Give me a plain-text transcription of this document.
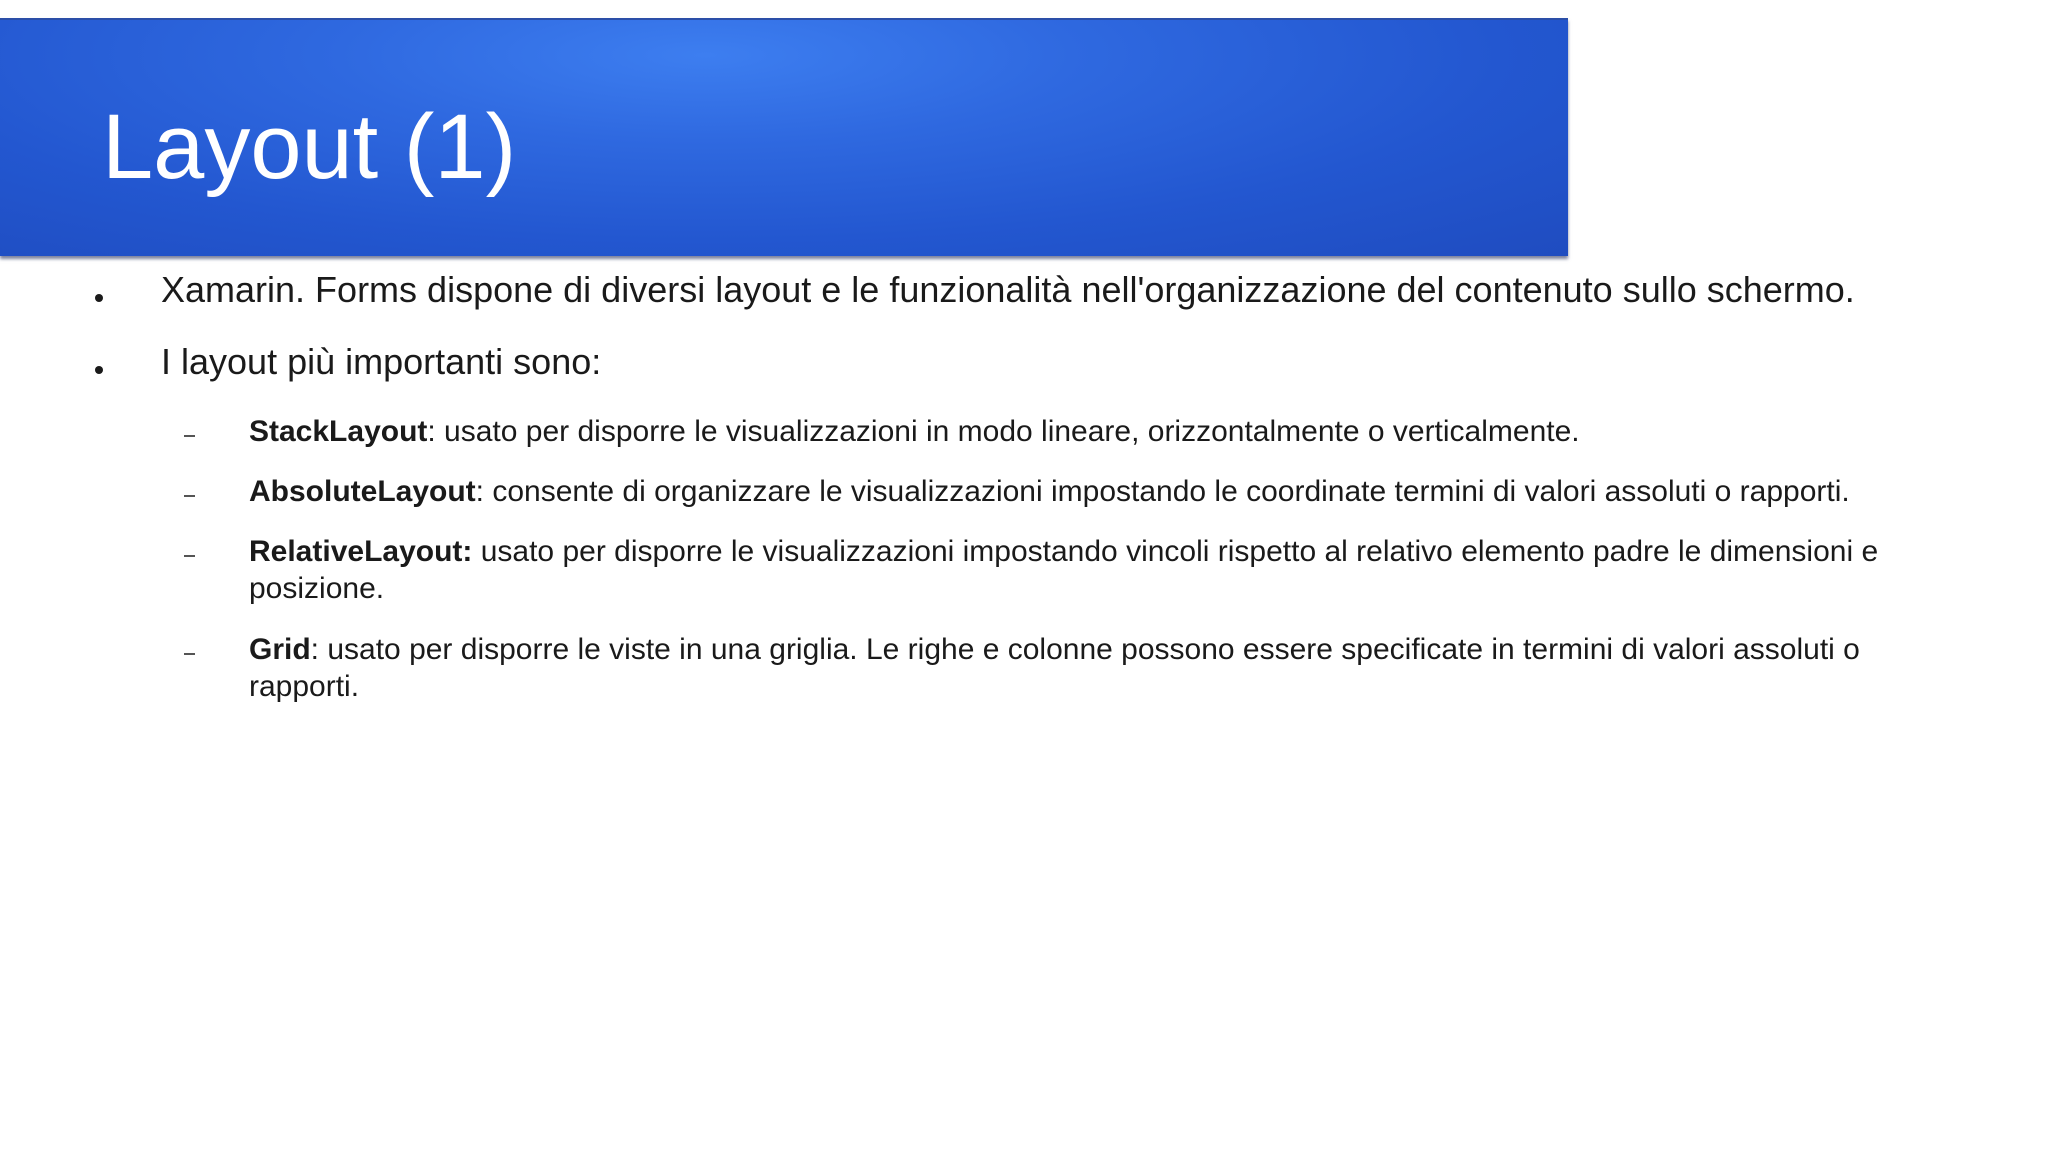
Layout (1)
Xamarin. Forms dispone di diversi layout e le funzionalità nell'organizzazione del contenuto sullo schermo.
I layout più importanti sono:
StackLayout: usato per disporre le visualizzazioni in modo lineare, orizzontalmente o verticalmente.
AbsoluteLayout: consente di organizzare le visualizzazioni impostando le coordinate termini di valori assoluti o rapporti.
RelativeLayout: usato per disporre le visualizzazioni impostando vincoli rispetto al relativo elemento padre le dimensioni e posizione.
Grid: usato per disporre le viste in una griglia. Le righe e colonne possono essere specificate in termini di valori assoluti o rapporti.
